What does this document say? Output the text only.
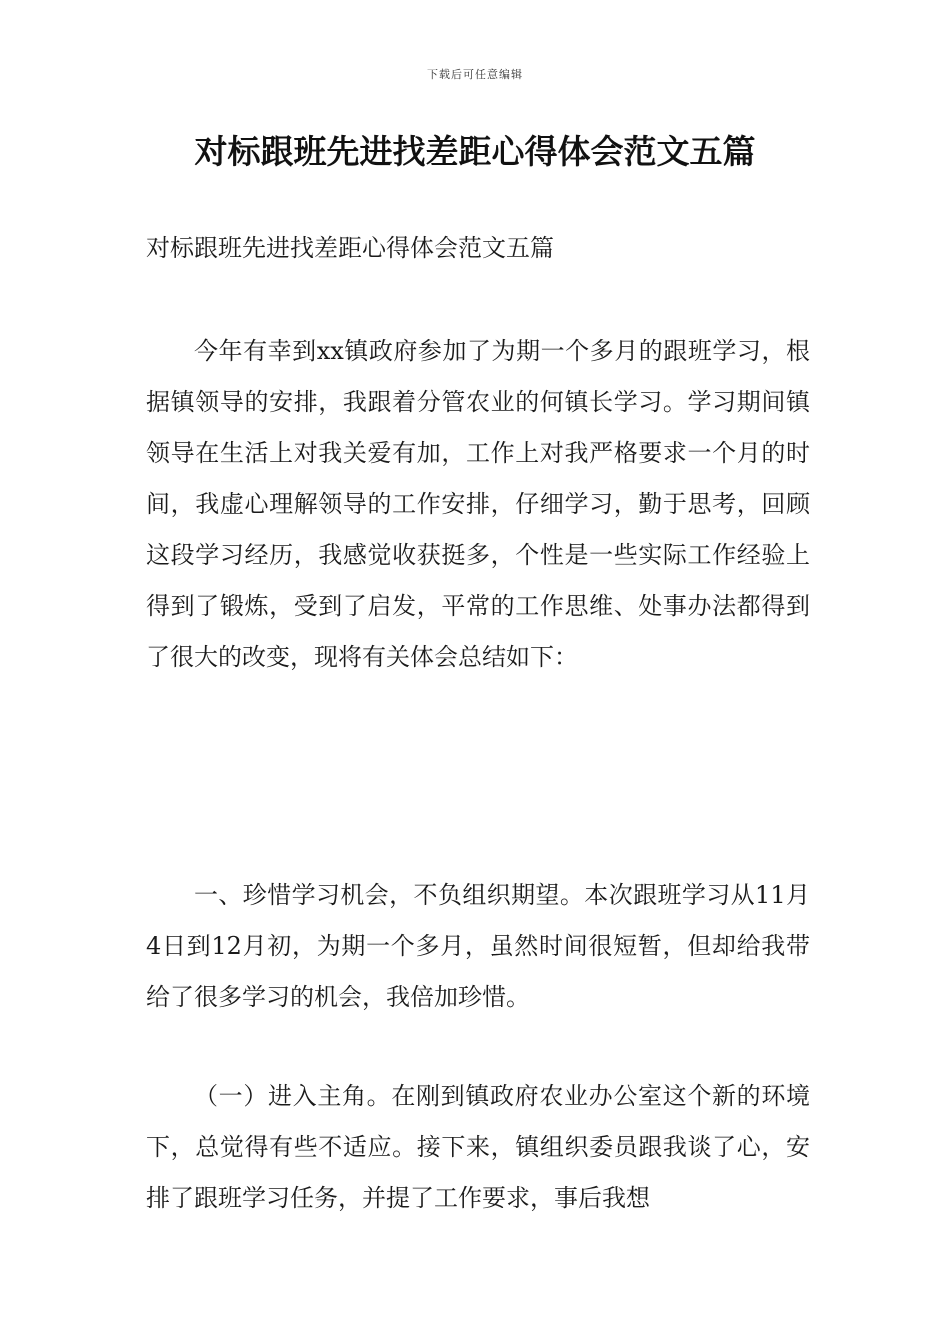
下载后可任意编辑
对标跟班先进找差距心得体会范文五篇

对标跟班先进找差距心得体会范文五篇

今年有幸到xx镇政府参加了为期一个多月的跟班学习，根据镇领导的安排，我跟着分管农业的何镇长学习。学习期间镇领导在生活上对我关爱有加，工作上对我严格要求一个月的时间，我虚心理解领导的工作安排，仔细学习，勤于思考，回顾这段学习经历，我感觉收获挺多，个性是一些实际工作经验上得到了锻炼，受到了启发，平常的工作思维、处事办法都得到了很大的改变，现将有关体会总结如下：

一、珍惜学习机会，不负组织期望。本次跟班学习从11月4日到12月初，为期一个多月，虽然时间很短暂，但却给我带给了很多学习的机会，我倍加珍惜。

（一）进入主角。在刚到镇政府农业办公室这个新的环境下，总觉得有些不适应。接下来，镇组织委员跟我谈了心，安排了跟班学习任务，并提了工作要求，事后我想
